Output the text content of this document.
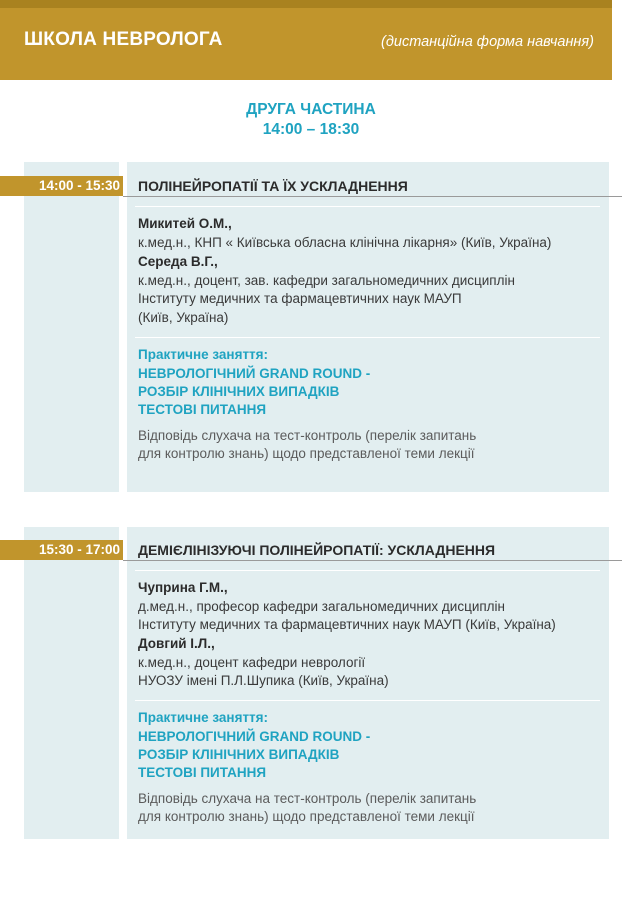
ШКОЛА НЕВРОЛОГА	(дистанційна форма навчання)
ДРУГА ЧАСТИНА
14:00 – 18:30
14:00 - 15:30 ПОЛІНЕЙРОПАТІЇ ТА ЇХ УСКЛАДНЕННЯ
Микитей О.М.,
к.мед.н., КНП « Київська обласна клінічна лікарня» (Київ, Україна)
Середа В.Г.,
к.мед.н., доцент, зав. кафедри загальномедичних дисциплін
Інституту медичних та фармацевтичних наук МАУП
(Київ, Україна)
Практичне заняття:
НЕВРОЛОГІЧНИЙ GRAND ROUND -
РОЗБІР КЛІНІЧНИХ ВИПАДКІВ
ТЕСТОВІ ПИТАННЯ
Відповідь слухача на тест-контроль (перелік запитань
для контролю знань) щодо представленої теми лекції
15:30 - 17:00 ДЕМІЄЛІНІЗУЮЧІ ПОЛІНЕЙРОПАТІЇ: УСКЛАДНЕННЯ
Чуприна Г.М.,
д.мед.н., професор кафедри загальномедичних дисциплін
Інституту медичних та фармацевтичних наук МАУП (Київ, Україна)
Довгий І.Л.,
к.мед.н., доцент кафедри неврології
НУОЗУ імені П.Л.Шупика (Київ, Україна)
Практичне заняття:
НЕВРОЛОГІЧНИЙ GRAND ROUND -
РОЗБІР КЛІНІЧНИХ ВИПАДКІВ
ТЕСТОВІ ПИТАННЯ
Відповідь слухача на тест-контроль (перелік запитань
для контролю знань) щодо представленої теми лекції
